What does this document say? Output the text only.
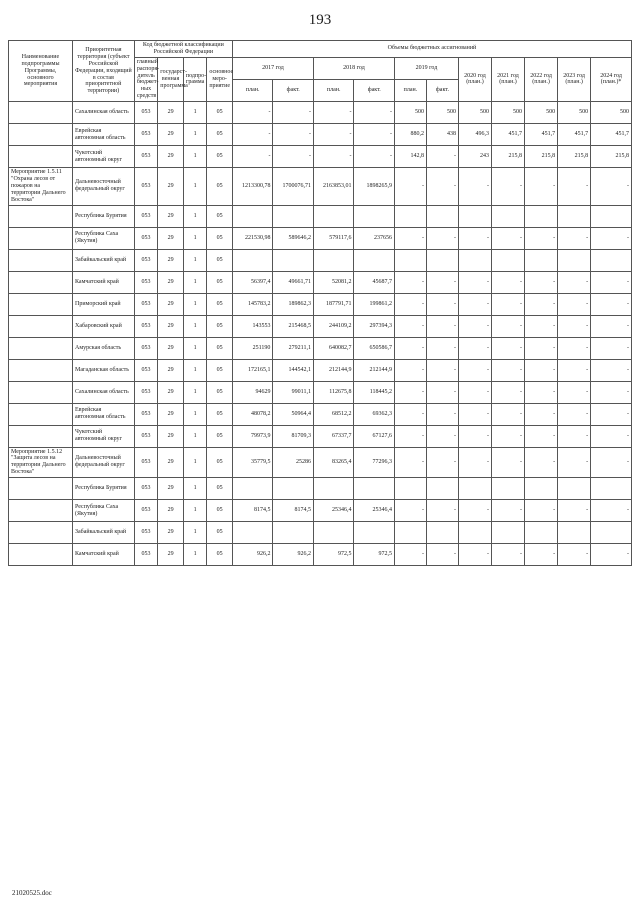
193
Наименование подпрограммы Программы, основного мероприятия	Приоритетная территория (субъект Российской Федерации, входящий в состав приоритетной территории)	Код бюджетной классификации Российской Федерации				Объемы бюджетных ассигнований										
		главный распоря- дитель бюджет- ных средств	государст- венная программа	подпро- грамма	основное меро- приятие	2017 год		2018 год		2019 год		2020 год (план.)	2021 год (план.)	2022 год (план.)	2023 год (план.)	2024 год (план.)*
						план.	факт.	план.	факт.	план.	факт.					
	Сахалинская область	053	29	1	05	-	-	-	-	500	500	500	500	500	500	500
	Еврейская автономная область	053	29	1	05	-	-	-	-	880,2	438	496,3	451,7	451,7	451,7	451,7
	Чукотский автономный округ	053	29	1	05	-	-	-	-	142,8	-	243	215,8	215,8	215,8	215,8
Мероприятие 1.5.11 "Охрана лесов от пожаров на территории Дальнего Востока"	Дальневосточный федеральный округ	053	29	1	05	1213300,78	1700076,71	2163853,01	1898265,9	-	-	-	-	-	-	-
	Республика Бурятия	053	29	1	05											
	Республика Саха (Якутия)	053	29	1	05	221530,98	589646,2	579117,6	237656	-	-	-	-	-	-	-
	Забайкальский край	053	29	1	05											
	Камчатский край	053	29	1	05	56397,4	49661,71	52081,2	45687,7	-	-	-	-	-	-	-
	Приморский край	053	29	1	05	145783,2	189862,3	187791,71	199861,2	-	-	-	-	-	-	-
	Хабаровский край	053	29	1	05	143553	215468,5	244109,2	297394,3	-	-	-	-	-	-	-
	Амурская область	053	29	1	05	251190	279211,1	640082,7	650586,7	-	-	-	-	-	-	-
	Магаданская область	053	29	1	05	172165,1	144542,1	212144,9	212144,9	-	-	-	-	-	-	-
	Сахалинская область	053	29	1	05	94629	99011,1	112675,8	118445,2	-	-	-	-	-	-	-
	Еврейская автономная область	053	29	1	05	48078,2	50964,4	68512,2	69362,3	-	-	-	-	-	-	-
	Чукотский автономный округ	053	29	1	05	79973,9	81709,3	67337,7	67127,6	-	-	-	-	-	-	-
Мероприятие 1.5.12 "Защита лесов на территории Дальнего Востока"	Дальневосточный федеральный округ	053	29	1	05	35779,5	25286	83265,4	77296,3	-	-	-	-	-	-	-
	Республика Бурятия	053	29	1	05											
	Республика Саха (Якутия)	053	29	1	05	8174,5	8174,5	25346,4	25346,4	-	-	-	-	-	-	-
	Забайкальский край	053	29	1	05											
	Камчатский край	053	29	1	05	926,2	926,2	972,5	972,5	-	-	-	-	-	-	-
21020525.doc
